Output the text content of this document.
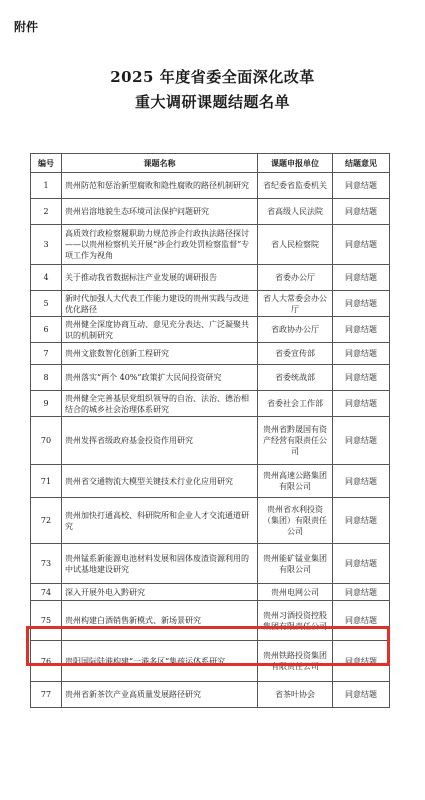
附件
2025 年度省委全面深化改革
重大调研课题结题名单
编号	课题名称	课题申报单位	结题意见
1	贵州防范和惩治新型腐败和隐性腐败的路径机制研究	省纪委省监委机关	同意结题
2	贵州岩溶地貌生态环境司法保护问题研究	省高级人民法院	同意结题
3	高质效行政检察履职助力规范涉企行政执法路径探讨——以贵州检察机关开展“涉企行政处罚检察监督”专项工作为视角	省人民检察院	同意结题
4	关于推动我省数据标注产业发展的调研报告	省委办公厅	同意结题
5	新时代加强人大代表工作能力建设的贵州实践与改进优化路径	省人大常委会办公厅	同意结题
6	贵州健全深度协商互动、意见充分表达、广泛凝聚共识的机制研究	省政协办公厅	同意结题
7	贵州文旅数智化创新工程研究	省委宣传部	同意结题
8	贵州落实“两个 40%”政策扩大民间投资研究	省委统战部	同意结题
9	贵州健全完善基层党组织领导的自治、法治、德治相结合的城乡社会治理体系研究	省委社会工作部	同意结题
70	贵州发挥省级政府基金投资作用研究	贵州省黔晟国有资产经营有限责任公司	同意结题
71	贵州省交通物流大模型关键技术行业化应用研究	贵州高速公路集团有限公司	同意结题
72	贵州加快打通高校、科研院所和企业人才交流通道研究	贵州省水利投资（集团）有限责任公司	同意结题
73	贵州锰系新能源电池材料发展和固体废渣资源利用的中试基地建设研究	贵州能矿锰业集团有限公司	同意结题
74	深入开展外电入黔研究	贵州电网公司	同意结题
75	贵州构建白酒销售新模式、新场景研究	贵州习酒投资控股集团有限责任公司	同意结题
76	贵阳国际陆港构建“一港多区”集疏运体系研究	贵州铁路投资集团有限责任公司	同意结题
77	贵州省新茶饮产业高质量发展路径研究	省茶叶协会	同意结题
